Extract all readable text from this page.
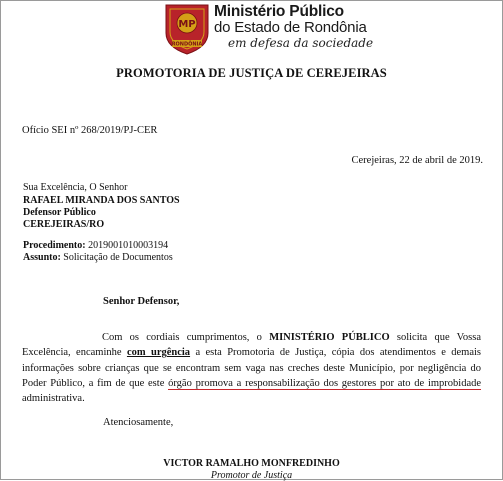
MP
RONDÔNIA
Ministério Público
do Estado de Rondônia
em defesa da sociedade
PROMOTORIA DE JUSTIÇA DE CEREJEIRAS
Ofício SEI nº 268/2019/PJ-CER
Cerejeiras, 22 de abril de 2019.
Sua Excelência, O Senhor
RAFAEL MIRANDA DOS SANTOS
Defensor Público
CEREJEIRAS/RO
Procedimento: 2019001010003194
Assunto: Solicitação de Documentos
Senhor Defensor,
Com os cordiais cumprimentos, o MINISTÉRIO PÚBLICO solicita que Vossa Excelência, encaminhe com urgência a esta Promotoria de Justiça, cópia dos atendimentos e demais informações sobre crianças que se encontram sem vaga nas creches deste Município, por negligência do Poder Público, a fim de que este órgão promova a responsabilização dos gestores por ato de improbidade administrativa.
Atenciosamente,
VICTOR RAMALHO MONFREDINHO
Promotor de Justiça
